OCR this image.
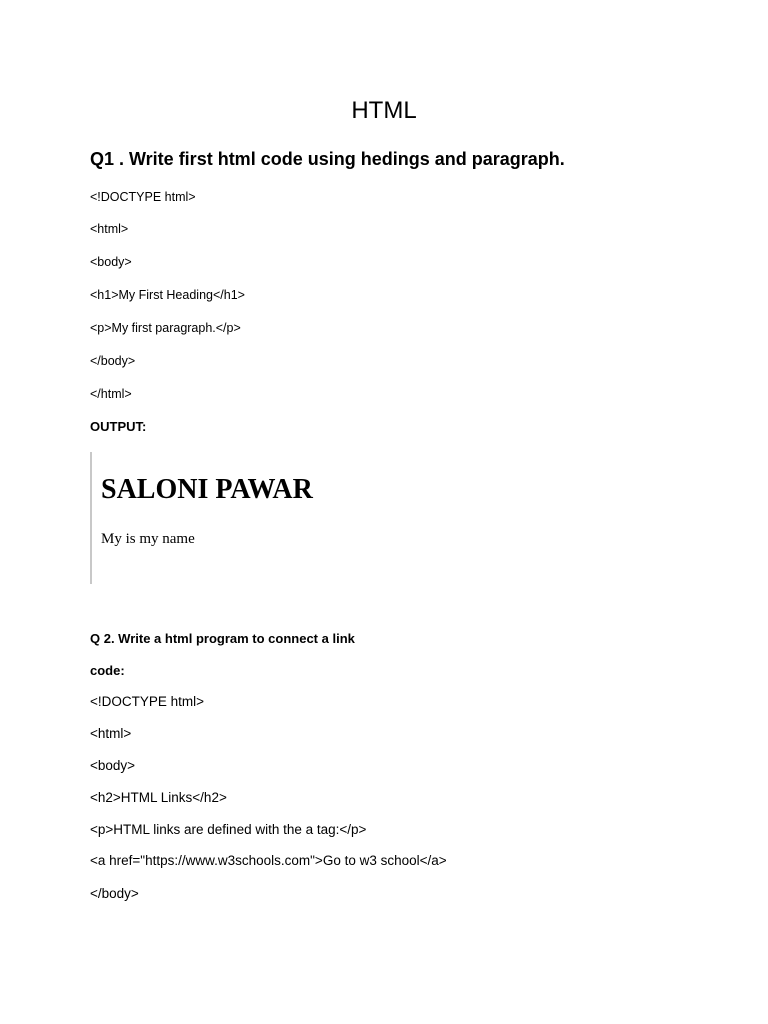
HTML
Q1 . Write first html code using hedings and paragraph.
<!DOCTYPE html>
<html>
<body>
<h1>My First Heading</h1>
<p>My first paragraph.</p>
</body>
</html>
OUTPUT:
SALONI PAWAR
My is my name
Q 2. Write a html program to connect a link
code:
<!DOCTYPE html>
<html>
<body>
<h2>HTML Links</h2>
<p>HTML links are defined with the a tag:</p>
<a href="https://www.w3schools.com">Go to w3 school</a>
</body>
